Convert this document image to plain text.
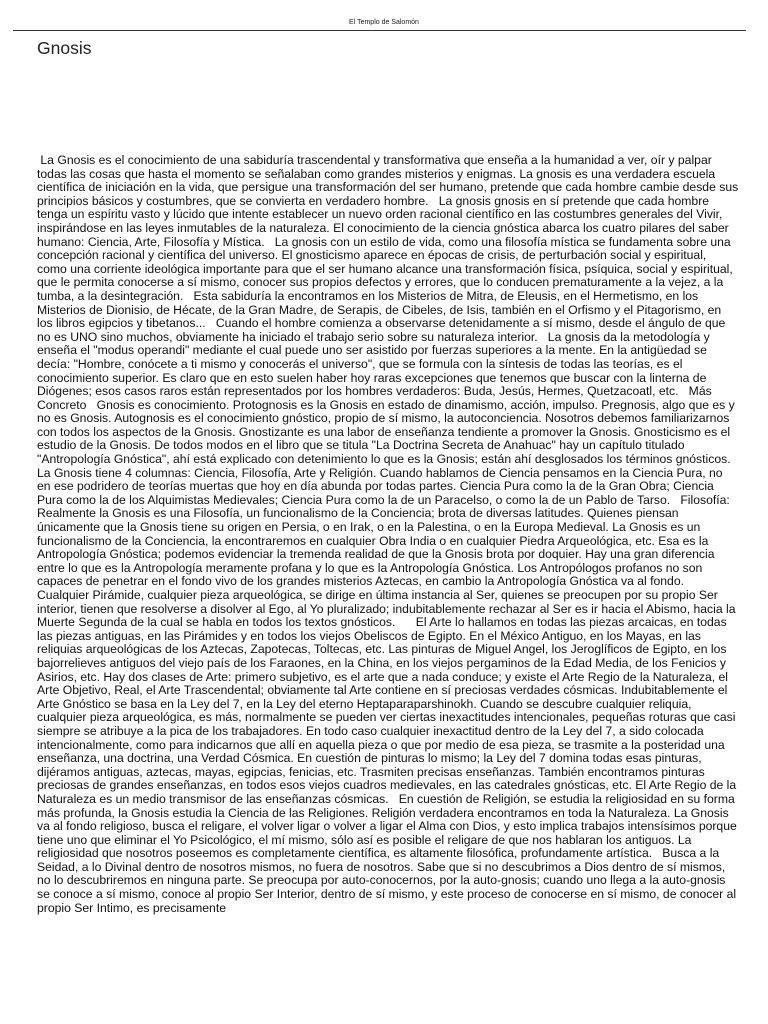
El Templo de Salomón
Gnosis
La Gnosis es el conocimiento de una sabiduría trascendental y transformativa que enseña a la humanidad a ver, oír y palpar todas las cosas que hasta el momento se señalaban como grandes misterios y enigmas. La gnosis es una verdadera escuela científica de iniciación en la vida, que persigue una transformación del ser humano, pretende que cada hombre cambie desde sus principios básicos y costumbres, que se convierta en verdadero hombre.   La gnosis gnosis en sí pretende que cada hombre tenga un espíritu vasto y lúcido que intente establecer un nuevo orden racional científico en las costumbres generales del Vivir, inspirándose en las leyes inmutables de la naturaleza. El conocimiento de la ciencia gnóstica abarca los cuatro pilares del saber humano: Ciencia, Arte, Filosofía y Mística.   La gnosis con un estilo de vida, como una filosofía mística se fundamenta sobre una concepción racional y científica del universo. El gnosticismo aparece en épocas de crisis, de perturbación social y espiritual, como una corriente ideológica importante para que el ser humano alcance una transformación física, psíquica, social y espiritual, que le permita conocerse a sí mismo, conocer sus propios defectos y errores, que lo conducen prematuramente a la vejez, a la tumba, a la desintegración.   Esta sabiduría la encontramos en los Misterios de Mitra, de Eleusis, en el Hermetismo, en los Misterios de Dionisio, de Hécate, de la Gran Madre, de Serapis, de Cibeles, de Isis, también en el Orfismo y el Pitagorismo, en los libros egipcios y tibetanos...   Cuando el hombre comienza a observarse detenidamente a sí mismo, desde el ángulo de que no es UNO sino muchos, obviamente ha iniciado el trabajo serio sobre su naturaleza interior.   La gnosis da la metodología y enseña el "modus operandi" mediante el cual puede uno ser asistido por fuerzas superiores a la mente. En la antigüedad se decía: "Hombre, conócete a ti mismo y conocerás el universo", que se formula con la síntesis de todas las teorías, es el conocimiento superior. Es claro que en esto suelen haber hoy raras excepciones que tenemos que buscar con la linterna de Diógenes; esos casos raros están representados por los hombres verdaderos: Buda, Jesús, Hermes, Quetzacoatl, etc.   Más Concreto   Gnosis es conocimiento. Protognosis es la Gnosis en estado de dinamismo, acción, impulso. Pregnosis, algo que es y no es Gnosis. Autognosis es el conocimiento gnóstico, propio de sí mismo, la autoconciencia. Nosotros debemos familiarizarnos con todos los aspectos de la Gnosis. Gnostizante es una labor de enseñanza tendiente a promover la Gnosis. Gnosticismo es el estudio de la Gnosis. De todos modos en el libro que se titula "La Doctrina Secreta de Anahuac" hay un capítulo titulado "Antropología Gnóstica", ahí está explicado con detenimiento lo que es la Gnosis; están ahí desglosados los términos gnósticos.      La Gnosis tiene 4 columnas: Ciencia, Filosofía, Arte y Religión. Cuando hablamos de Ciencia pensamos en la Ciencia Pura, no en ese podridero de teorías muertas que hoy en día abunda por todas partes. Ciencia Pura como la de la Gran Obra; Ciencia Pura como la de los Alquimistas Medievales; Ciencia Pura como la de un Paracelso, o como la de un Pablo de Tarso.   Filosofía: Realmente la Gnosis es una Filosofía, un funcionalismo de la Conciencia; brota de diversas latitudes. Quienes piensan únicamente que la Gnosis tiene su origen en Persia, o en Irak, o en la Palestina, o en la Europa Medieval. La Gnosis es un funcionalismo de la Conciencia, la encontraremos en cualquier Obra India o en cualquier Piedra Arqueológica, etc. Esa es la Antropología Gnóstica; podemos evidenciar la tremenda realidad de que la Gnosis brota por doquier. Hay una gran diferencia entre lo que es la Antropología meramente profana y lo que es la Antropología Gnóstica. Los Antropólogos profanos no son capaces de penetrar en el fondo vivo de los grandes misterios Aztecas, en cambio la Antropología Gnóstica va al fondo. Cualquier Pirámide, cualquier pieza arqueológica, se dirige en última instancia al Ser, quienes se preocupen por su propio Ser interior, tienen que resolverse a disolver al Ego, al Yo pluralizado; indubitablemente rechazar al Ser es ir hacia el Abismo, hacia la Muerte Segunda de la cual se habla en todos los textos gnósticos.      El Arte lo hallamos en todas las piezas arcaicas, en todas las piezas antiguas, en las Pirámides y en todos los viejos Obeliscos de Egipto. En el México Antiguo, en los Mayas, en las reliquias arqueológicas de los Aztecas, Zapotecas, Toltecas, etc. Las pinturas de Miguel Angel, los Jeroglíficos de Egipto, en los bajorrelieves antiguos del viejo país de los Faraones, en la China, en los viejos pergaminos de la Edad Media, de los Fenicios y Asirios, etc. Hay dos clases de Arte: primero subjetivo, es el arte que a nada conduce; y existe el Arte Regio de la Naturaleza, el Arte Objetivo, Real, el Arte Trascendental; obviamente tal Arte contiene en sí preciosas verdades cósmicas. Indubitablemente el Arte Gnóstico se basa en la Ley del 7, en la Ley del eterno Heptaparaparshinokh. Cuando se descubre cualquier reliquia, cualquier pieza arqueológica, es más, normalmente se pueden ver ciertas inexactitudes intencionales, pequeñas roturas que casi siempre se atribuye a la pica de los trabajadores. En todo caso cualquier inexactitud dentro de la Ley del 7, a sido colocada intencionalmente, como para indicarnos que allí en aquella pieza o que por medio de esa pieza, se trasmite a la posteridad una enseñanza, una doctrina, una Verdad Cósmica. En cuestión de pinturas lo mismo; la Ley del 7 domina todas esas pinturas, dijéramos antiguas, aztecas, mayas, egipcias, fenicias, etc. Trasmiten precisas enseñanzas. También encontramos pinturas preciosas de grandes enseñanzas, en todos esos viejos cuadros medievales, en las catedrales gnósticas, etc. El Arte Regio de la Naturaleza es un medio transmisor de las enseñanzas cósmicas.   En cuestión de Religión, se estudia la religiosidad en su forma más profunda, la Gnosis estudia la Ciencia de las Religiones. Religión verdadera encontramos en toda la Naturaleza. La Gnosis va al fondo religioso, busca el religare, el volver ligar o volver a ligar el Alma con Dios, y esto implica trabajos intensísimos porque tiene uno que eliminar el Yo Psicológico, el mí mismo, sólo así es posible el religare de que nos hablaran los antiguos. La religiosidad que nosotros poseemos es completamente científica, es altamente filosófica, profundamente artística.   Busca a la Seidad, a lo Divinal dentro de nosotros mismos, no fuera de nosotros. Sabe que si no descubrimos a Dios dentro de sí mismos, no lo descubriremos en ninguna parte. Se preocupa por auto-conocernos, por la auto-gnosis; cuando uno llega a la auto-gnosis se conoce a sí mismo, conoce al propio Ser Interior, dentro de sí mismo, y este proceso de conocerse en sí mismo, de conocer al propio Ser Intimo, es precisamente
